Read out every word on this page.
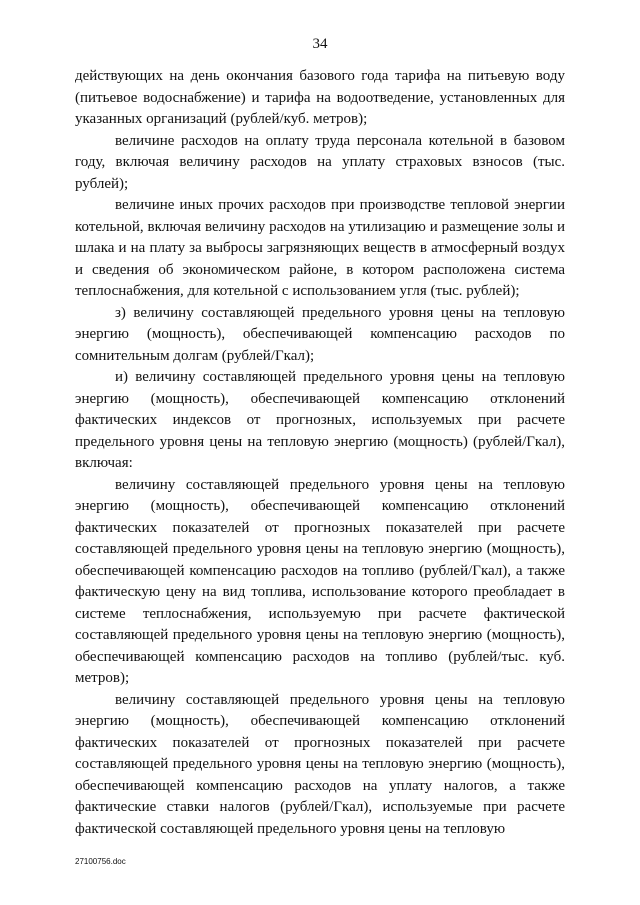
34

действующих на день окончания базового года тарифа на питьевую воду (питьевое водоснабжение) и тарифа на водоотведение, установленных для указанных организаций (рублей/куб. метров);

величине расходов на оплату труда персонала котельной в базовом году, включая величину расходов на уплату страховых взносов (тыс. рублей);

величине иных прочих расходов при производстве тепловой энергии котельной, включая величину расходов на утилизацию и размещение золы и шлака и на плату за выбросы загрязняющих веществ в атмосферный воздух и сведения об экономическом районе, в котором расположена система теплоснабжения, для котельной с использованием угля (тыс. рублей);

з) величину составляющей предельного уровня цены на тепловую энергию (мощность), обеспечивающей компенсацию расходов по сомнительным долгам (рублей/Гкал);

и) величину составляющей предельного уровня цены на тепловую энергию (мощность), обеспечивающей компенсацию отклонений фактических индексов от прогнозных, используемых при расчете предельного уровня цены на тепловую энергию (мощность) (рублей/Гкал), включая:

величину составляющей предельного уровня цены на тепловую энергию (мощность), обеспечивающей компенсацию отклонений фактических показателей от прогнозных показателей при расчете составляющей предельного уровня цены на тепловую энергию (мощность), обеспечивающей компенсацию расходов на топливо (рублей/Гкал), а также фактическую цену на вид топлива, использование которого преобладает в системе теплоснабжения, используемую при расчете фактической составляющей предельного уровня цены на тепловую энергию (мощность), обеспечивающей компенсацию расходов на топливо (рублей/тыс. куб. метров);

величину составляющей предельного уровня цены на тепловую энергию (мощность), обеспечивающей компенсацию отклонений фактических показателей от прогнозных показателей при расчете составляющей предельного уровня цены на тепловую энергию (мощность), обеспечивающей компенсацию расходов на уплату налогов, а также фактические ставки налогов (рублей/Гкал), используемые при расчете фактической составляющей предельного уровня цены на тепловую

27100756.doc
